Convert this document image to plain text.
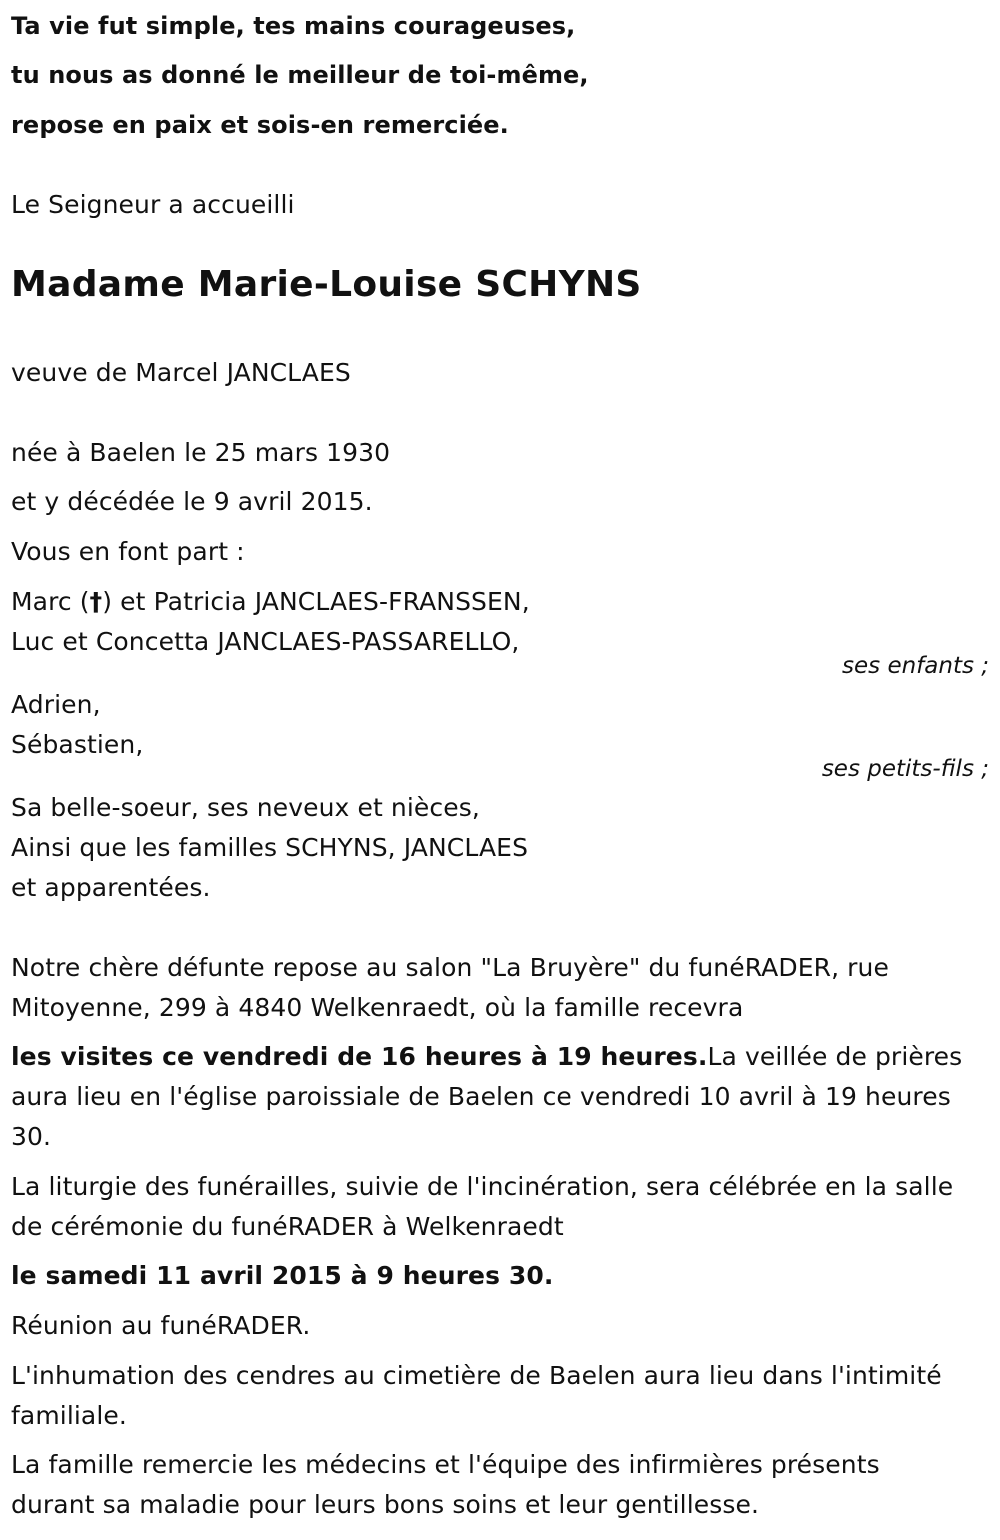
Ta vie fut simple, tes mains courageuses,
tu nous as donné le meilleur de toi-même,
repose en paix et sois-en remerciée.
Le Seigneur a accueilli
Madame Marie-Louise SCHYNS
veuve de Marcel JANCLAES
née à Baelen le 25 mars 1930
et y décédée le 9 avril 2015.
Vous en font part :
Marc (†) et Patricia JANCLAES-FRANSSEN,
Luc et Concetta JANCLAES-PASSARELLO,
Adrien,
Sébastien,
Sa belle-soeur, ses neveux et nièces,
Ainsi que les familles SCHYNS, JANCLAES
et apparentées.
Notre chère défunte repose au salon "La Bruyère" du funéRADER, rue
Mitoyenne, 299 à 4840 Welkenraedt, où la famille recevra
les visites ce vendredi de 16 heures à 19 heures.La veillée de prières
aura lieu en l'église paroissiale de Baelen ce vendredi 10 avril à 19 heures
30.
La liturgie des funérailles, suivie de l'incinération, sera célébrée en la salle
de cérémonie du funéRADER à Welkenraedt
le samedi 11 avril 2015 à 9 heures 30.
Réunion au funéRADER.
L'inhumation des cendres au cimetière de Baelen aura lieu dans l'intimité
familiale.
La famille remercie les médecins et l'équipe des infirmières présents
durant sa maladie pour leurs bons soins et leur gentillesse.
ses enfants ;
ses petits-fils ;
